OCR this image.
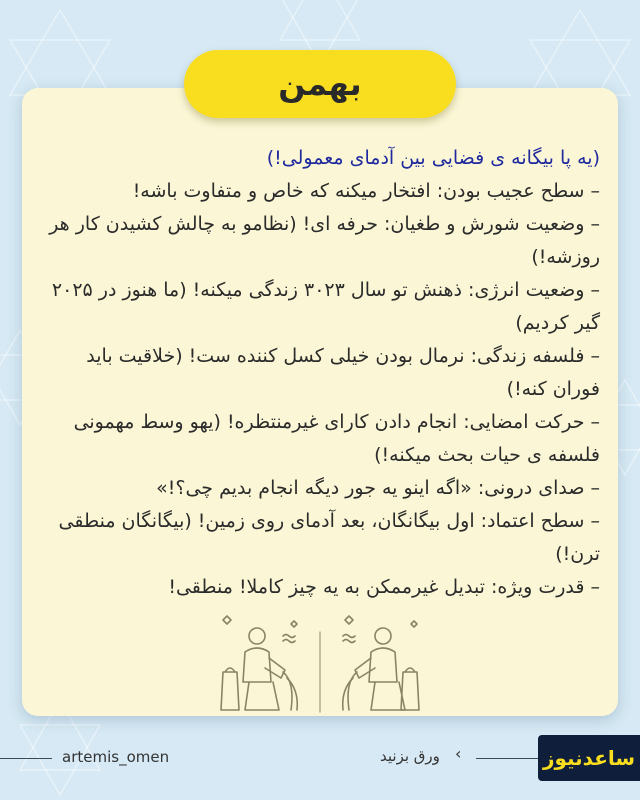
بهمن

(یه پا بیگانه ی فضایی بین آدمای معمولی!)

– سطح عجیب بودن: افتخار میکنه که خاص و متفاوت باشه!

– وضعیت شورش و طغیان: حرفه ای! (نظامو به چالش کشیدن کار هر روزشه!)

– وضعیت انرژی: ذهنش تو سال ۳۰۲۳ زندگی میکنه! (ما هنوز در ۲۰۲۵ گیر کردیم)

– فلسفه زندگی: نرمال بودن خیلی کسل کننده ست! (خلاقیت باید فوران کنه!)

– حرکت امضایی: انجام دادن کارای غیرمنتظره! (یهو وسط مهمونی فلسفه ی حیات بحث میکنه!)

– صدای درونی: «اگه اینو یه جور دیگه انجام بدیم چی؟!»

– سطح اعتماد: اول بیگانگان، بعد آدمای روی زمین! (بیگانگان منطقی ترن!)

– قدرت ویژه: تبدیل غیرممکن به یه چیز کاملا! منطقی!

artemis_omen	‹
ورق بزنید	ساعدنیوز
